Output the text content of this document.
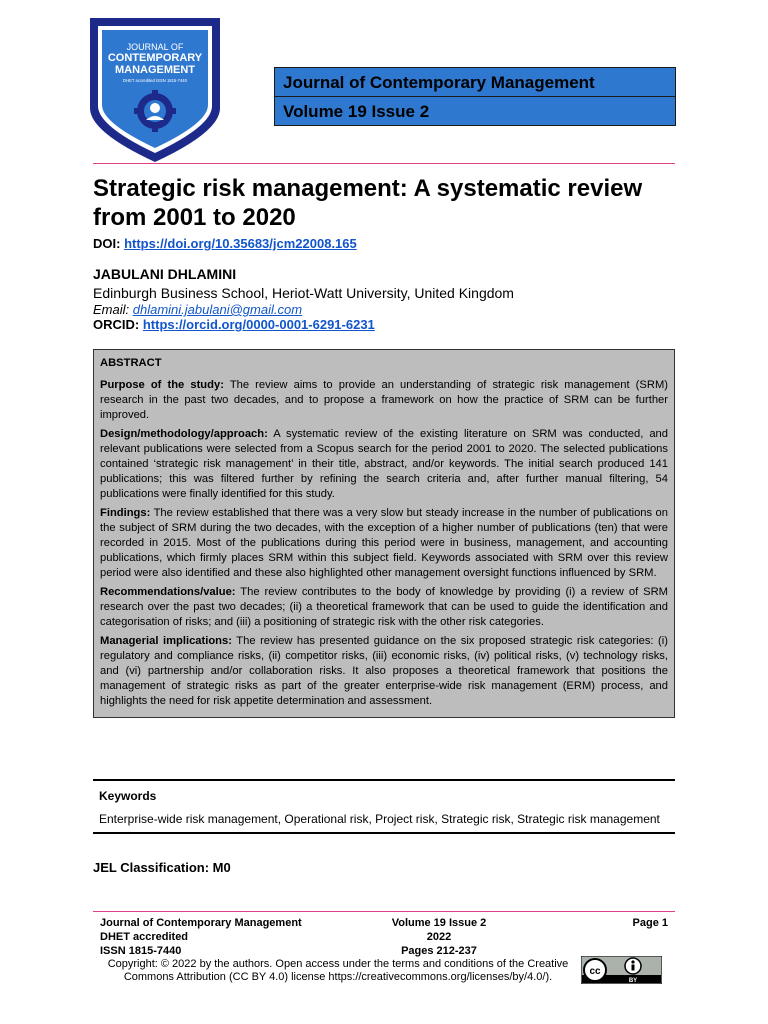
JOURNAL OF
CONTEMPORARY
MANAGEMENT
DHET accredited ISSN 1815-7440	Journal of Contemporary Management
Volume 19 Issue 2
Strategic risk management: A systematic review from 2001 to 2020
DOI: https://doi.org/10.35683/jcm22008.165
JABULANI DHLAMINI
Edinburgh Business School, Heriot-Watt University, United Kingdom
Email: dhlamini.jabulani@gmail.com
ORCID: https://orcid.org/0000-0001-6291-6231
ABSTRACT

Purpose of the study: The review aims to provide an understanding of strategic risk management (SRM) research in the past two decades, and to propose a framework on how the practice of SRM can be further improved.

Design/methodology/approach: A systematic review of the existing literature on SRM was conducted, and relevant publications were selected from a Scopus search for the period 2001 to 2020. The selected publications contained ‘strategic risk management’ in their title, abstract, and/or keywords. The initial search produced 141 publications; this was filtered further by refining the search criteria and, after further manual filtering, 54 publications were finally identified for this study.

Findings: The review established that there was a very slow but steady increase in the number of publications on the subject of SRM during the two decades, with the exception of a higher number of publications (ten) that were recorded in 2015. Most of the publications during this period were in business, management, and accounting publications, which firmly places SRM within this subject field. Keywords associated with SRM over this review period were also identified and these also highlighted other management oversight functions influenced by SRM.

Recommendations/value: The review contributes to the body of knowledge by providing (i) a review of SRM research over the past two decades; (ii) a theoretical framework that can be used to guide the identification and categorisation of risks; and (iii) a positioning of strategic risk with the other risk categories.

Managerial implications: The review has presented guidance on the six proposed strategic risk categories: (i) regulatory and compliance risks, (ii) competitor risks, (iii) economic risks, (iv) political risks, (v) technology risks, and (vi) partnership and/or collaboration risks. It also proposes a theoretical framework that positions the management of strategic risks as part of the greater enterprise-wide risk management (ERM) process, and highlights the need for risk appetite determination and assessment.

Keywords
Enterprise-wide risk management, Operational risk, Project risk, Strategic risk, Strategic risk management
JEL Classification: M0
Journal of Contemporary Management
DHET accredited
ISSN 1815-7440
Volume 19 Issue 2
2022
Pages 212-237
Page 1
Copyright: © 2022 by the authors. Open access under the terms and conditions of the Creative Commons Attribution (CC BY 4.0) license https://creativecommons.org/licenses/by/4.0/).	cc
BY
